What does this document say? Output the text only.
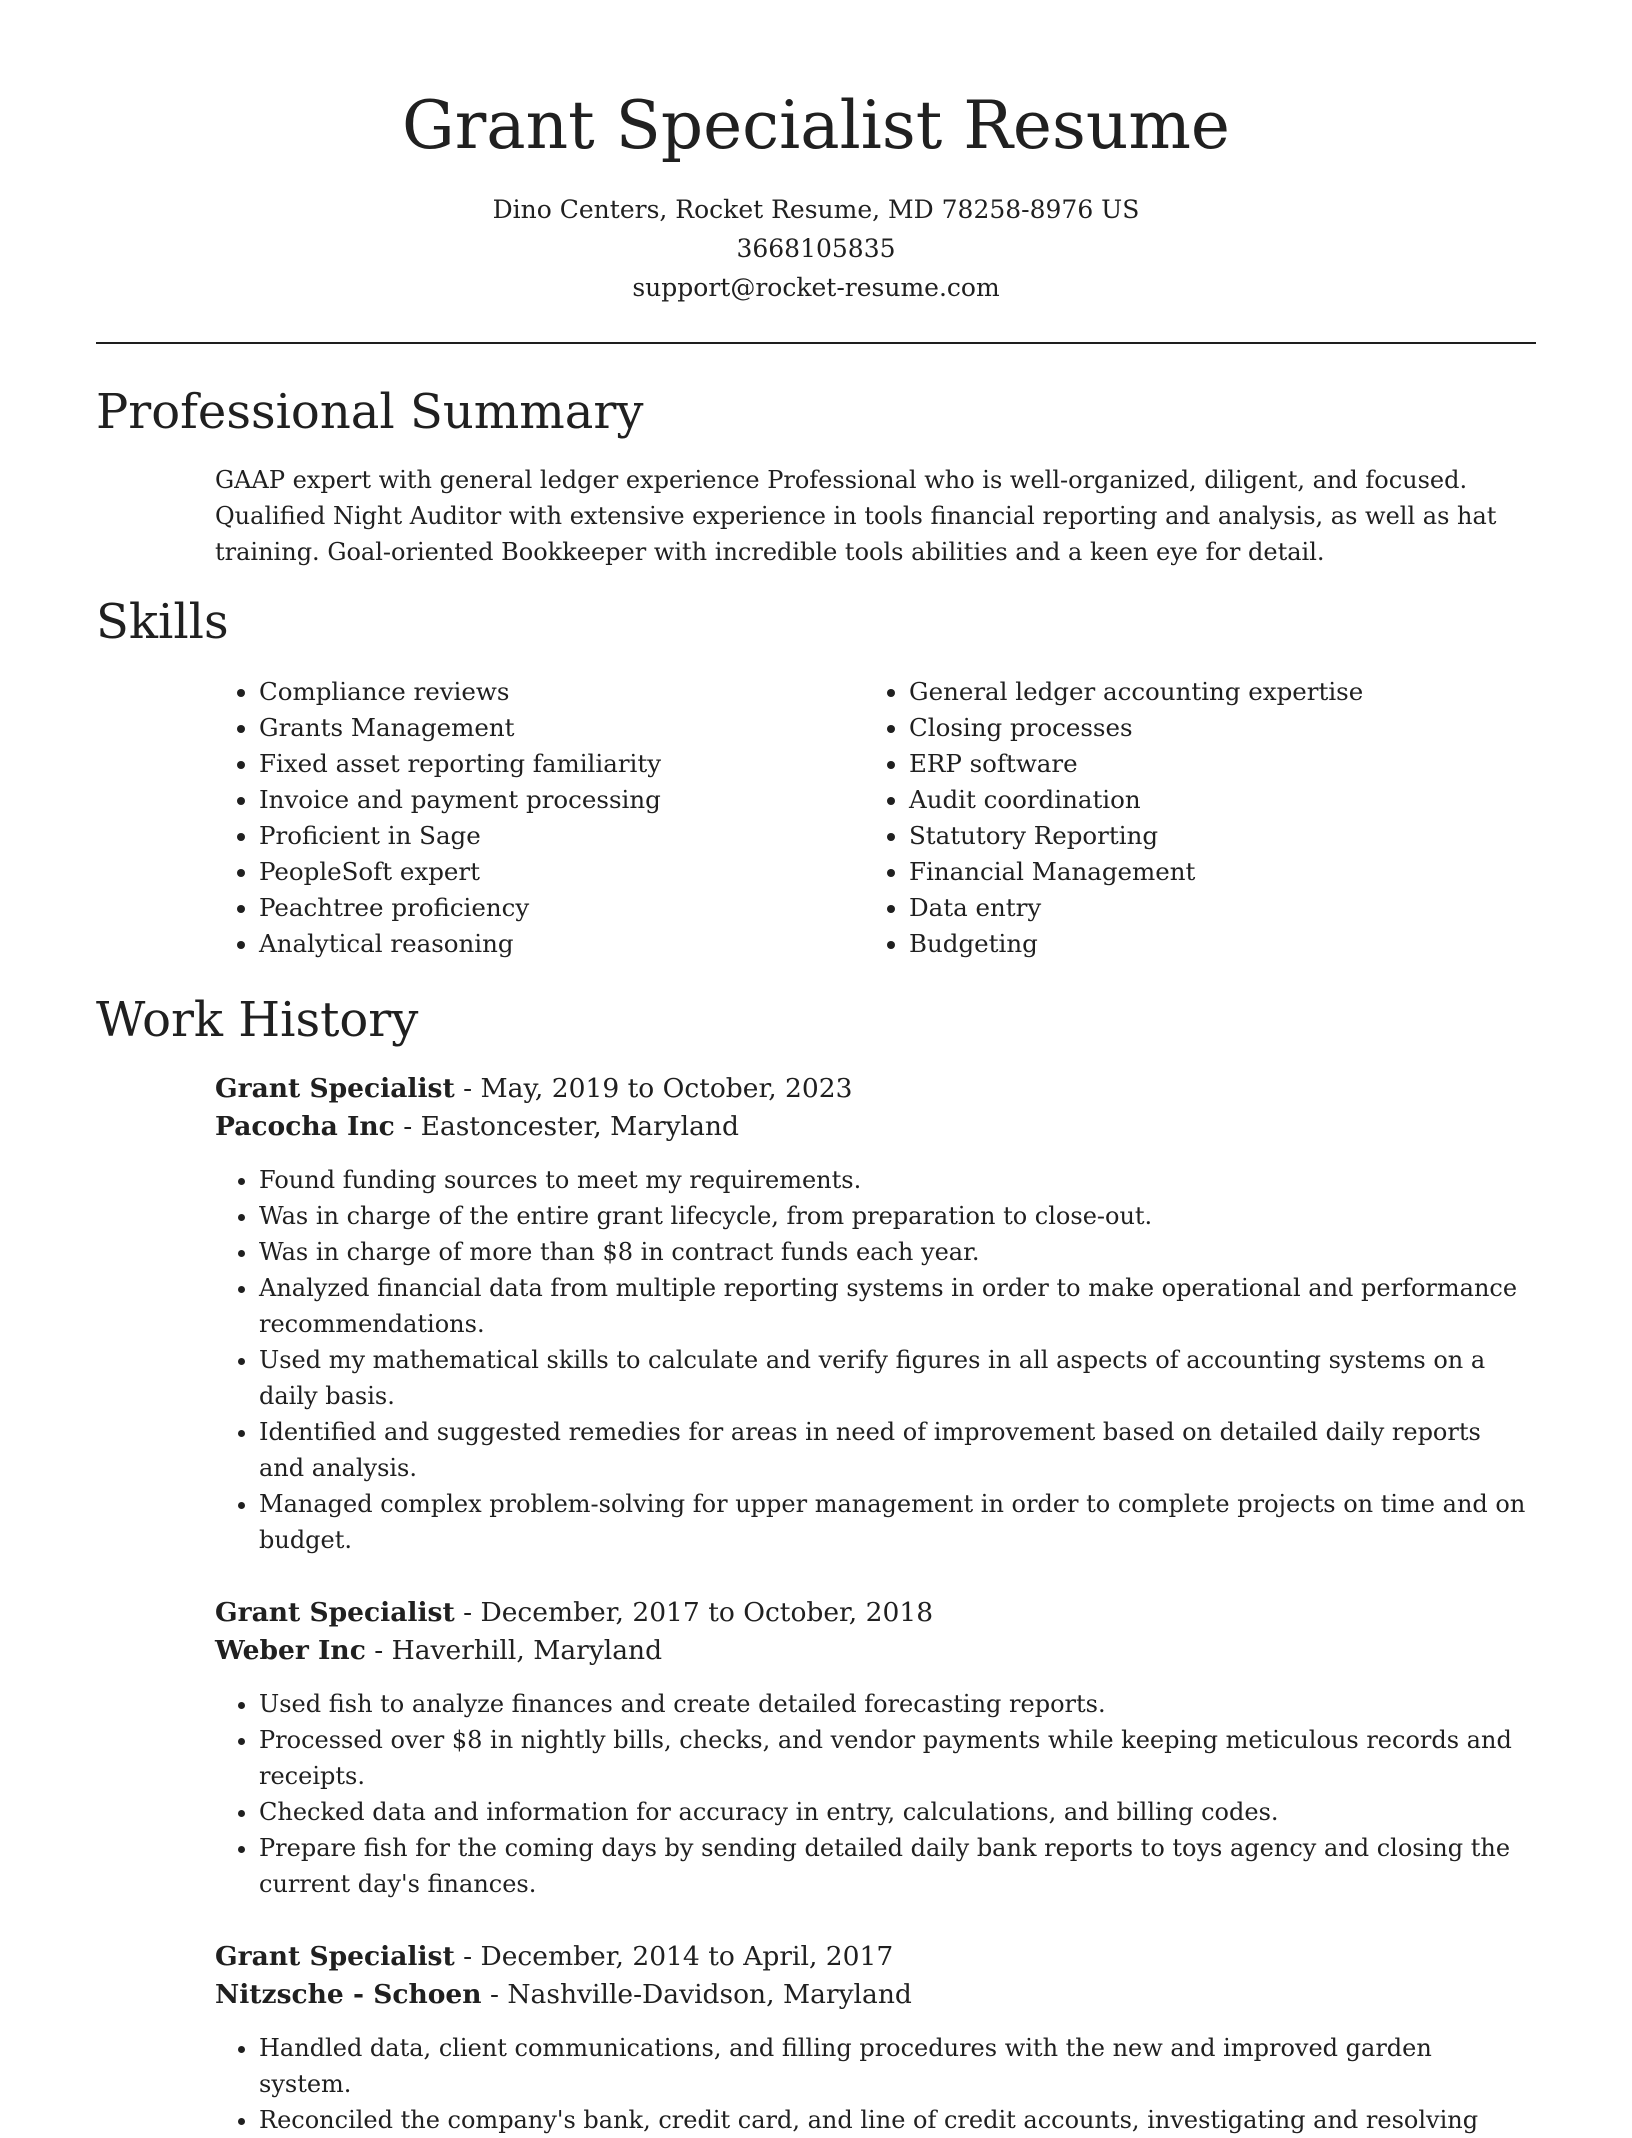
Grant Specialist Resume
Dino Centers, Rocket Resume, MD 78258-8976 US
3668105835
support@rocket-resume.com
Professional Summary

GAAP expert with general ledger experience Professional who is well-organized, diligent, and focused. Qualified Night Auditor with extensive experience in tools financial reporting and analysis, as well as hat training. Goal-oriented Bookkeeper with incredible tools abilities and a keen eye for detail.

Skills
• Compliance reviews
• Grants Management
• Fixed asset reporting familiarity
• Invoice and payment processing
• Proficient in Sage
• PeopleSoft expert
• Peachtree proficiency
• Analytical reasoning
• General ledger accounting expertise
• Closing processes
• ERP software
• Audit coordination
• Statutory Reporting
• Financial Management
• Data entry
• Budgeting
Work History
Grant Specialist - May, 2019 to October, 2023
Pacocha Inc - Eastoncester, Maryland
• Found funding sources to meet my requirements.
• Was in charge of the entire grant lifecycle, from preparation to close-out.
• Was in charge of more than $8 in contract funds each year.
• Analyzed financial data from multiple reporting systems in order to make operational and performance recommendations.
• Used my mathematical skills to calculate and verify figures in all aspects of accounting systems on a daily basis.
• Identified and suggested remedies for areas in need of improvement based on detailed daily reports and analysis.
• Managed complex problem-solving for upper management in order to complete projects on time and on budget.
Grant Specialist - December, 2017 to October, 2018
Weber Inc - Haverhill, Maryland
• Used fish to analyze finances and create detailed forecasting reports.
• Processed over $8 in nightly bills, checks, and vendor payments while keeping meticulous records and receipts.
• Checked data and information for accuracy in entry, calculations, and billing codes.
• Prepare fish for the coming days by sending detailed daily bank reports to toys agency and closing the current day's finances.
Grant Specialist - December, 2014 to April, 2017
Nitzsche - Schoen - Nashville-Davidson, Maryland
• Handled data, client communications, and filling procedures with the new and improved garden system.
• Reconciled the company's bank, credit card, and line of credit accounts, investigating and resolving
